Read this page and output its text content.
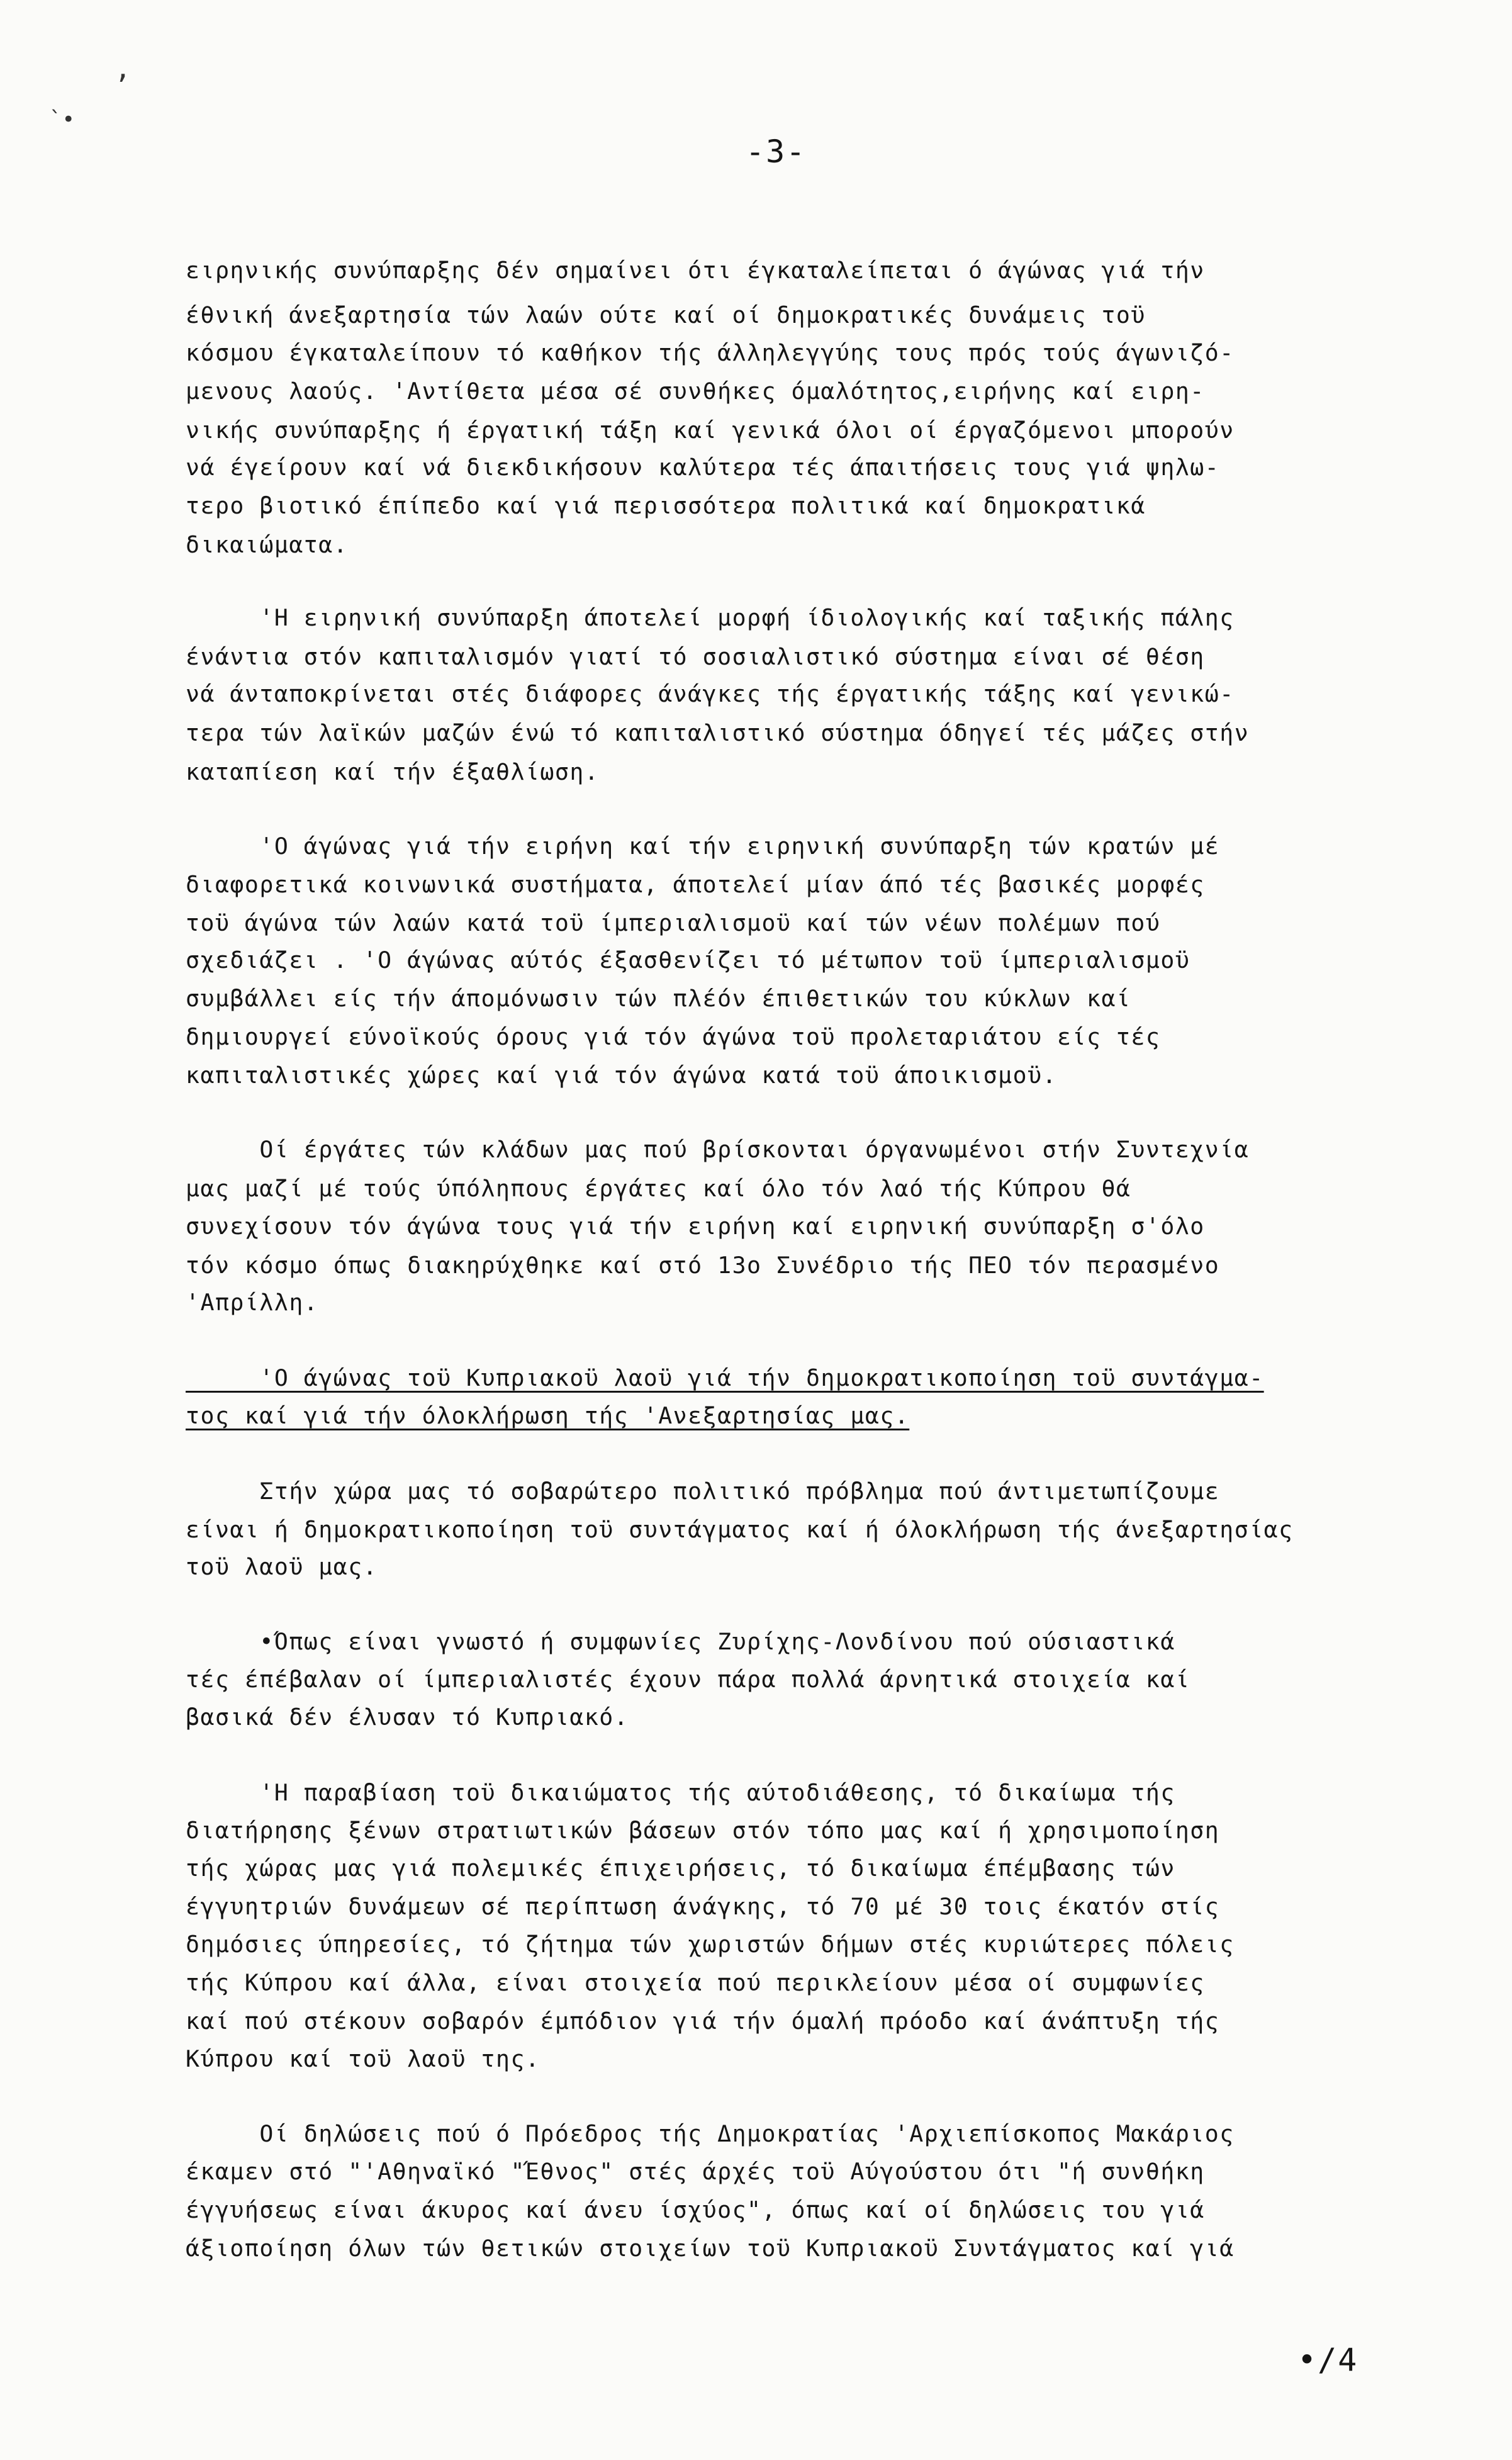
,
`•
-3-
ειρηνικής συνύπαρξης δέν σημαίνει ότι έγκαταλείπεται ό άγώνας γιά τήν
έθνική άνεξαρτησία τών λαών ούτε καί οί δημοκρατικές δυνάμεις τοϋ
κόσμου έγκαταλείπουν τό καθήκον τής άλληλεγγύης τους πρός τούς άγωνιζό-
μενους λαούς. 'Αντίθετα μέσα σέ συνθήκες όμαλότητος,ειρήνης καί ειρη-
νικής συνύπαρξης ή έργατική τάξη καί γενικά όλοι οί έργαζόμενοι μπορούν
νά έγείρουν καί νά διεκδικήσουν καλύτερα τές άπαιτήσεις τους γιά ψηλω-
τερο βιοτικό έπίπεδο καί γιά περισσότερα πολιτικά καί δημοκρατικά
δικαιώματα.
'Η ειρηνική συνύπαρξη άποτελεί μορφή ίδιολογικής καί ταξικής πάλης
ένάντια στόν καπιταλισμόν γιατί τό σοσιαλιστικό σύστημα είναι σέ θέση
νά άνταποκρίνεται στές διάφορες άνάγκες τής έργατικής τάξης καί γενικώ-
τερα τών λαϊκών μαζών ένώ τό καπιταλιστικό σύστημα όδηγεί τές μάζες στήν
καταπίεση καί τήν έξαθλίωση.
'Ο άγώνας γιά τήν ειρήνη καί τήν ειρηνική συνύπαρξη τών κρατών μέ
διαφορετικά κοινωνικά συστήματα, άποτελεί μίαν άπό τές βασικές μορφές
τοϋ άγώνα τών λαών κατά τοϋ ίμπεριαλισμοϋ καί τών νέων πολέμων πού
σχεδιάζει . 'Ο άγώνας αύτός έξασθενίζει τό μέτωπον τοϋ ίμπεριαλισμοϋ
συμβάλλει είς τήν άπομόνωσιν τών πλέόν έπιθετικών του κύκλων καί
δημιουργεί εύνοϊκούς όρους γιά τόν άγώνα τοϋ προλεταριάτου είς τές
καπιταλιστικές χώρες καί γιά τόν άγώνα κατά τοϋ άποικισμοϋ.
Οί έργάτες τών κλάδων μας πού βρίσκονται όργανωμένοι στήν Συντεχνία
μας μαζί μέ τούς ύπόληπους έργάτες καί όλο τόν λαό τής Κύπρου θά
συνεχίσουν τόν άγώνα τους γιά τήν ειρήνη καί ειρηνική συνύπαρξη σ'όλο
τόν κόσμο όπως διακηρύχθηκε καί στό 13ο Συνέδριο τής ΠΕΟ τόν περασμένο
'Απρίλλη.
'Ο άγώνας τοϋ Κυπριακοϋ λαοϋ γιά τήν δημοκρατικοποίηση τοϋ συντάγμα-
τος καί γιά τήν όλοκλήρωση τής 'Ανεξαρτησίας μας.
Στήν χώρα μας τό σοβαρώτερο πολιτικό πρόβλημα πού άντιμετωπίζουμε
είναι ή δημοκρατικοποίηση τοϋ συντάγματος καί ή όλοκλήρωση τής άνεξαρτησίας
τοϋ λαοϋ μας.
•Όπως είναι γνωστό ή συμφωνίες Ζυρίχης-Λονδίνου πού ούσιαστικά
τές έπέβαλαν οί ίμπεριαλιστές έχουν πάρα πολλά άρνητικά στοιχεία καί
βασικά δέν έλυσαν τό Κυπριακό.
'Η παραβίαση τοϋ δικαιώματος τής αύτοδιάθεσης, τό δικαίωμα τής
διατήρησης ξένων στρατιωτικών βάσεων στόν τόπο μας καί ή χρησιμοποίηση
τής χώρας μας γιά πολεμικές έπιχειρήσεις, τό δικαίωμα έπέμβασης τών
έγγυητριών δυνάμεων σέ περίπτωση άνάγκης, τό 70 μέ 30 τοις έκατόν στίς
δημόσιες ύπηρεσίες, τό ζήτημα τών χωριστών δήμων στές κυριώτερες πόλεις
τής Κύπρου καί άλλα, είναι στοιχεία πού περικλείουν μέσα οί συμφωνίες
καί πού στέκουν σοβαρόν έμπόδιον γιά τήν όμαλή πρόοδο καί άνάπτυξη τής
Κύπρου καί τοϋ λαοϋ της.
Οί δηλώσεις πού ό Πρόεδρος τής Δημοκρατίας 'Αρχιεπίσκοπος Μακάριος
έκαμεν στό "'Αθηναϊκό "Έθνος" στές άρχές τοϋ Αύγούστου ότι "ή συνθήκη
έγγυήσεως είναι άκυρος καί άνευ ίσχύος", όπως καί οί δηλώσεις του γιά
άξιοποίηση όλων τών θετικών στοιχείων τοϋ Κυπριακοϋ Συντάγματος καί γιά
•/4
